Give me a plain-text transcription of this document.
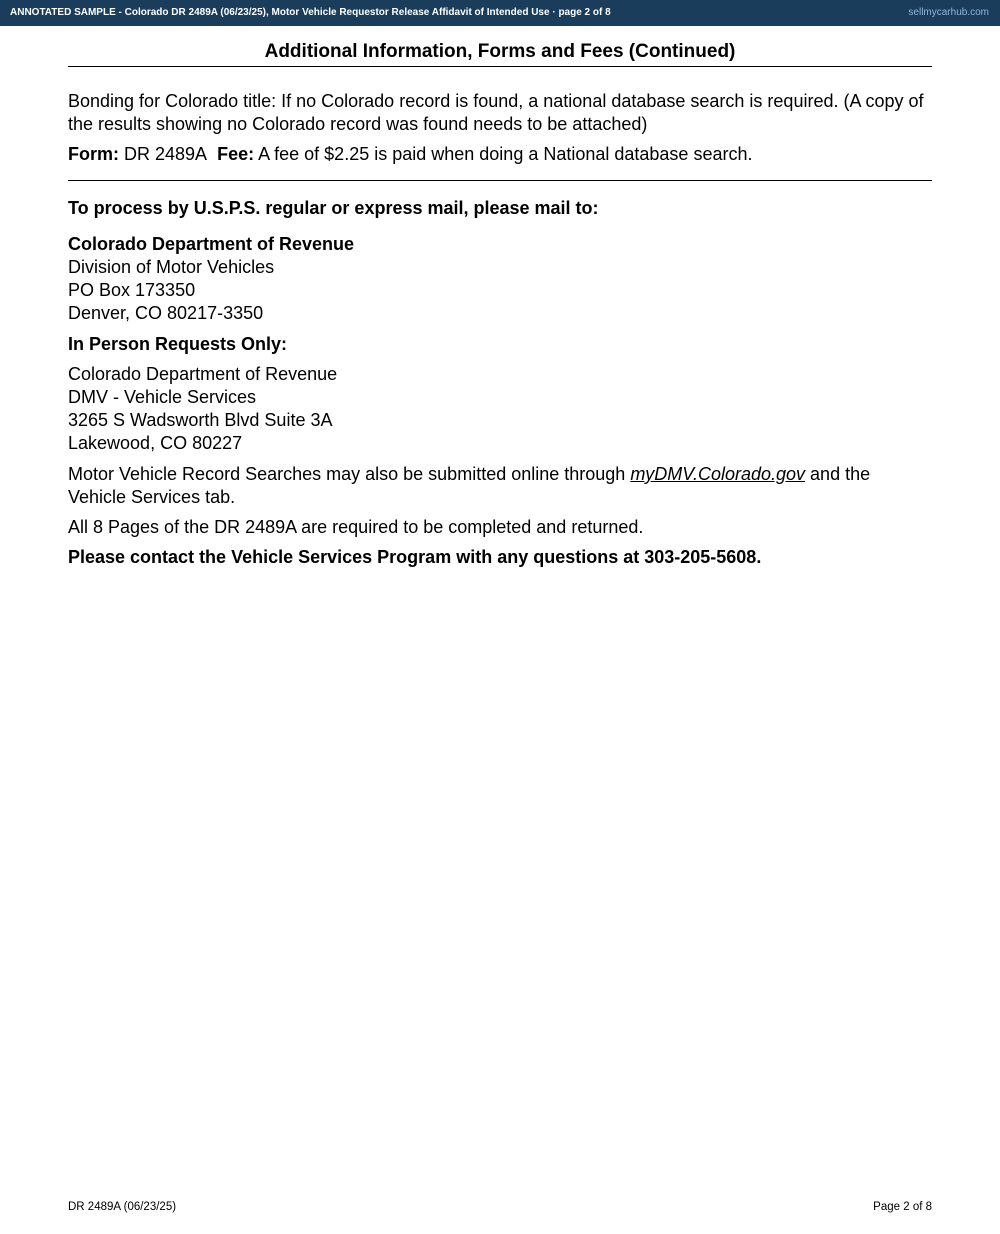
ANNOTATED SAMPLE - Colorado DR 2489A (06/23/25), Motor Vehicle Requestor Release Affidavit of Intended Use · page 2 of 8	sellmycarhub.com
Additional Information, Forms and Fees (Continued)
Bonding for Colorado title: If no Colorado record is found, a national database search is required. (A copy of the results showing no Colorado record was found needs to be attached)
Form: DR 2489A Fee: A fee of $2.25 is paid when doing a National database search.
To process by U.S.P.S. regular or express mail, please mail to:
Colorado Department of Revenue
Division of Motor Vehicles
PO Box 173350
Denver, CO 80217-3350
In Person Requests Only:
Colorado Department of Revenue
DMV - Vehicle Services
3265 S Wadsworth Blvd Suite 3A
Lakewood, CO 80227
Motor Vehicle Record Searches may also be submitted online through myDMV.Colorado.gov and the Vehicle Services tab.
All 8 Pages of the DR 2489A are required to be completed and returned.
Please contact the Vehicle Services Program with any questions at 303-205-5608.
DR 2489A (06/23/25)	Page 2 of 8
